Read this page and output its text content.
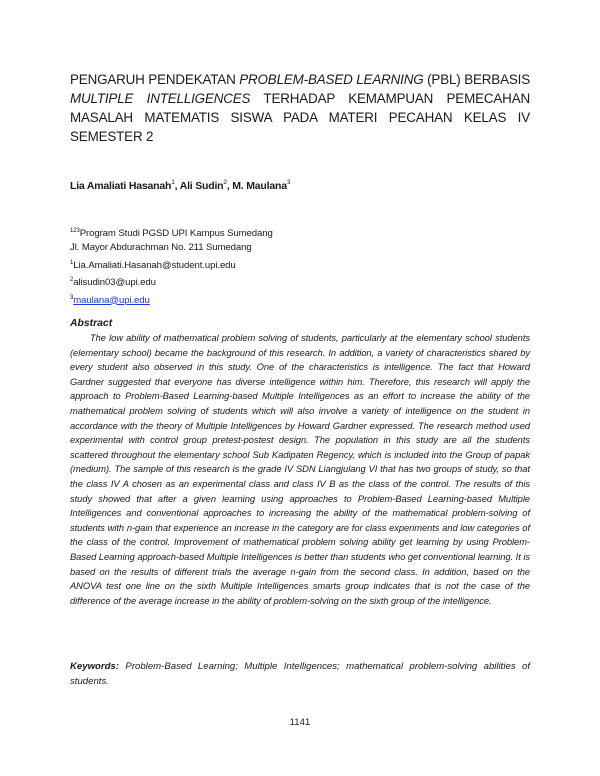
PENGARUH PENDEKATAN PROBLEM-BASED LEARNING (PBL) BERBASIS
MULTIPLE INTELLIGENCES TERHADAP KEMAMPUAN PEMECAHAN
MASALAH MATEMATIS SISWA PADA MATERI PECAHAN KELAS IV
SEMESTER 2

Lia Amaliati Hasanah$^1$, Ali Sudin$^2$, M. Maulana$^3$

$^{123}$Program Studi PGSD UPI Kampus Sumedang
Jl. Mayor Abdurachman No. 211 Sumedang
$^1$Lia.Amaliati.Hasanah@student.upi.edu
$^2$alisudin03@upi.edu
$^3$maulana@upi.edu
Abstract

The low ability of mathematical problem solving of students, particularly at the elementary school students (elementary school) became the background of this research. In addition, a variety of characteristics shared by every student also observed in this study. One of the characteristics is intelligence. The fact that Howard Gardner suggested that everyone has diverse intelligence within him. Therefore, this research will apply the approach to Problem-Based Learning-based Multiple Intelligences as an effort to increase the ability of the mathematical problem solving of students which will also involve a variety of intelligence on the student in accordance with the theory of Multiple Intelligences by Howard Gardner expressed. The research method used experimental with control group pretest-postest design. The population in this study are all the students scattered throughout the elementary school Sub Kadipaten Regency, which is included into the Group of papak (medium). The sample of this research is the grade IV SDN Liangjulang VI that has two groups of study, so that the class IV A chosen as an experimental class and class IV B as the class of the control. The results of this study showed that after a given learning using approaches to Problem-Based Learning-based Multiple Intelligences and conventional approaches to increasing the ability of the mathematical problem-solving of students with n-gain that experience an increase in the category are for class experiments and low categories of the class of the control. Improvement of mathematical problem solving ability get learning by using Problem-Based Learning approach-based Multiple Intelligences is better than students who get conventional learning. It is based on the results of different trials the average n-gain from the second class. In addition, based on the ANOVA test one line on the sixth Multiple Intelligences smarts group indicates that is not the case of the difference of the average increase in the ability of problem-solving on the sixth group of the intelligence.

Keywords: Problem-Based Learning; Multiple Intelligences; mathematical problem-solving abilities of students.

1141
